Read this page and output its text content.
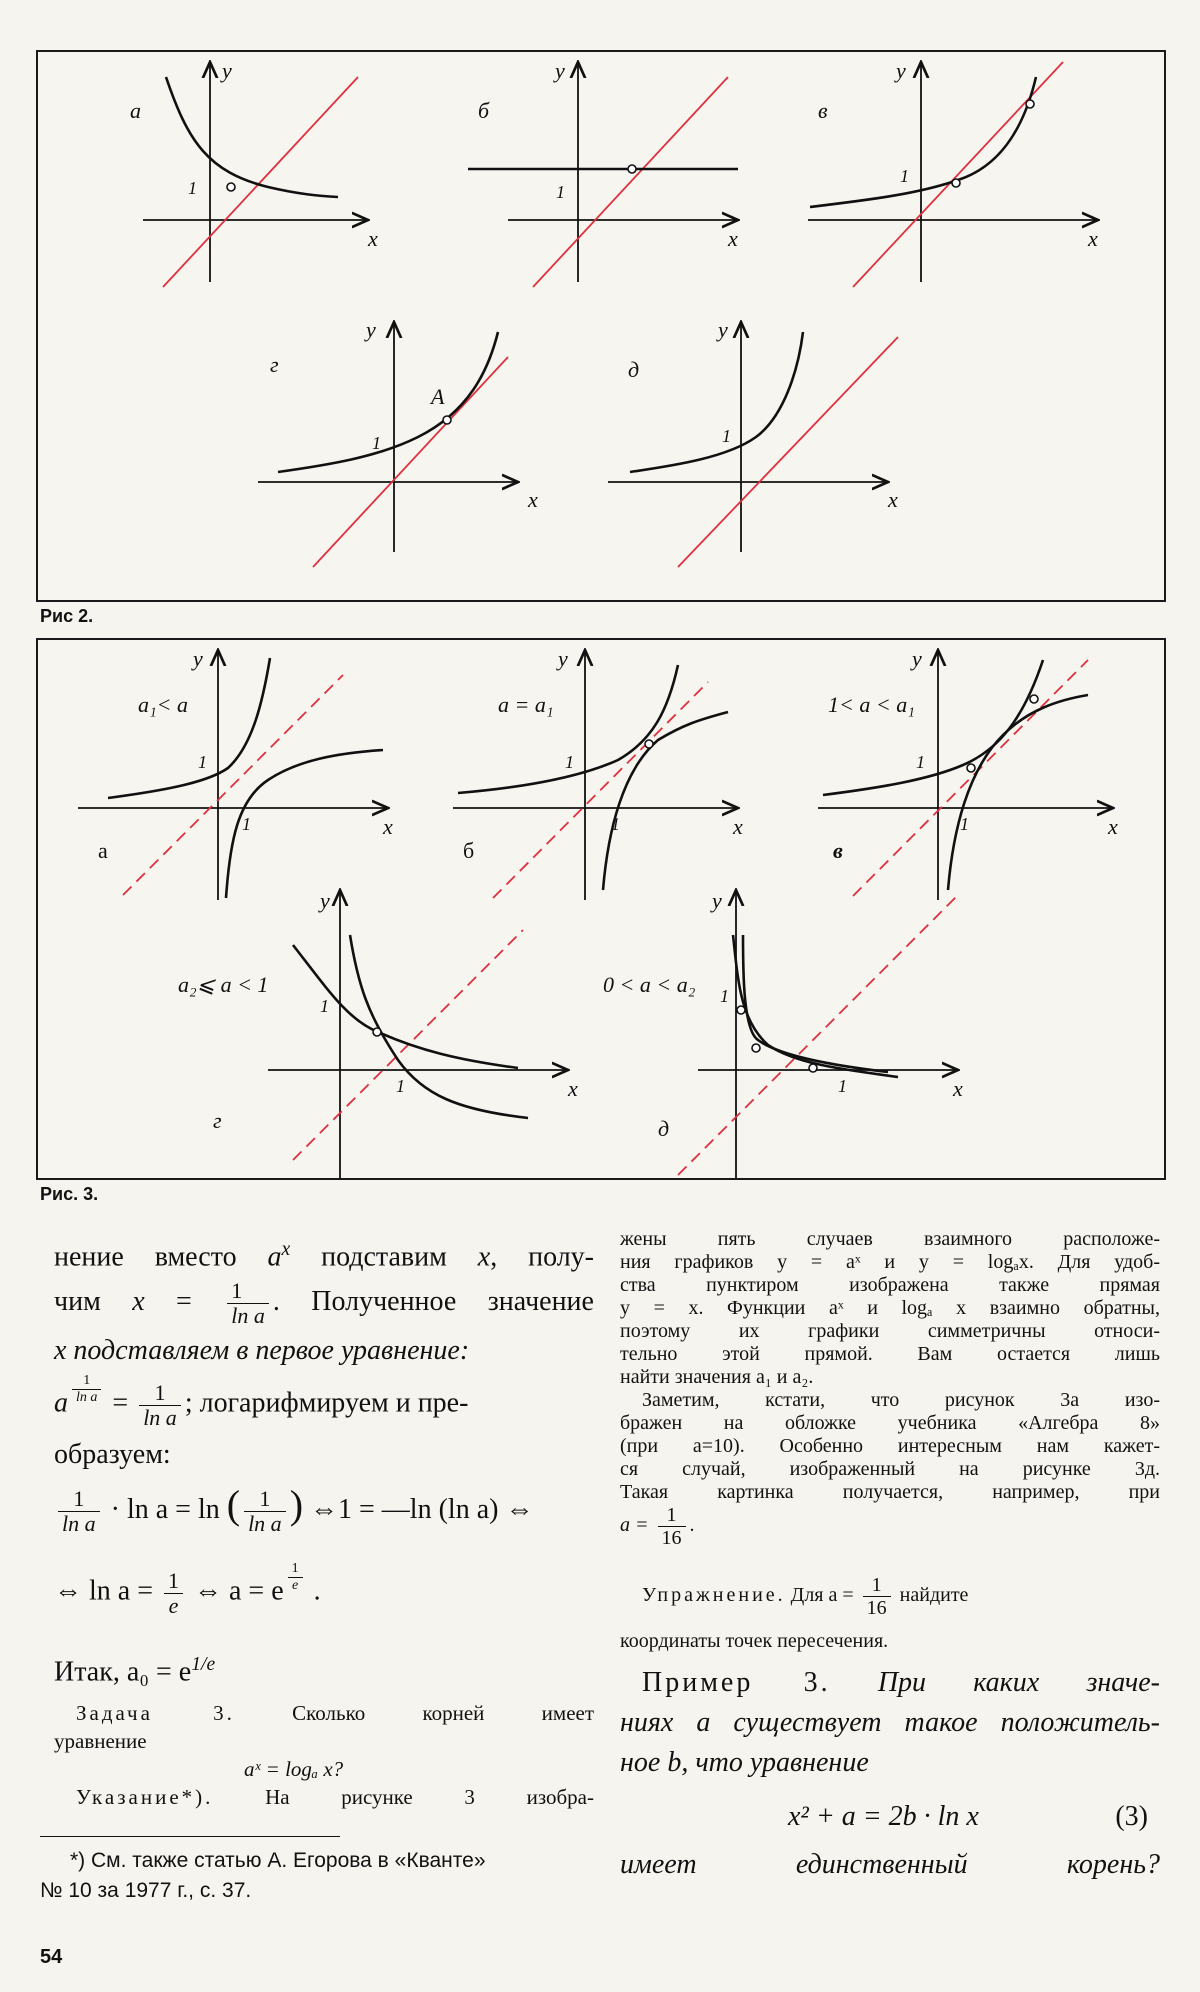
а
y
x
1
б
y
x
1
в
y
x
1
г
y
x
1
A
д
y
x
1
Рис 2.
a₁< a
y
x
1
1
а
a = a₁
y
x
1
1
б
1< a < a₁
y
x
1
1
в
a₂⩽ a < 1
y
x
1
1
г
0 < a < a₂
y
x
1
1
д
Рис. 3.
нение вместо $a^x$ подставим x, полу-
чим $x = \frac{1}{\text{ln a}}$ . Полученное значение
x подставляем в первое уравнение:
a $\frac{1}{\text{ln a}} = \frac{1}{\text{ln a}}$ ; логарифмируем и пре-
образуем:
$\frac{1}{\text{ln a}} \cdot \ln a = \ln$ ( $\frac{1}{\text{ln a}}$ ) ⇔1 = —ln (ln a) ⇔
⇔ $\ln a = \frac{1}{e}$ ⇔ a = e $\frac{1}{e}$ .
Итак, $a_0 = e^{1/e}$
Задача 3. Сколько корней имеет
уравнение
aˣ = logₐ x?
Указание*). На рисунке 3 изобра-
*) См. также статью А. Егорова в «Кванте»
№ 10 за 1977 г., с. 37.
жены пять случаев взаимного расположе-
ния графиков y = aˣ и y = logₐx. Для удоб-
ства пунктиром изображена также прямая
y = x. Функции aˣ и logₐ x взаимно обратны,
поэтому их графики симметричны относи-
тельно этой прямой. Вам остается лишь
найти значения a₁ и a₂.
Заметим, кстати, что рисунок 3а изо-
бражен на обложке учебника «Алгебра 8»
(при a=10). Особенно интересным нам кажет-
ся случай, изображенный на рисунке 3д.
Такая картинка получается, например, при
$a = \frac{1}{16}$ .
Упражнение. Для $a = \frac{1}{16}$ найдите
координаты точек пересечения.
Пример 3. При каких значе-
ниях a существует такое положитель-
ное b, что уравнение
x² + a = 2b · ln x	(3)
имеет	единственный корень?
54
